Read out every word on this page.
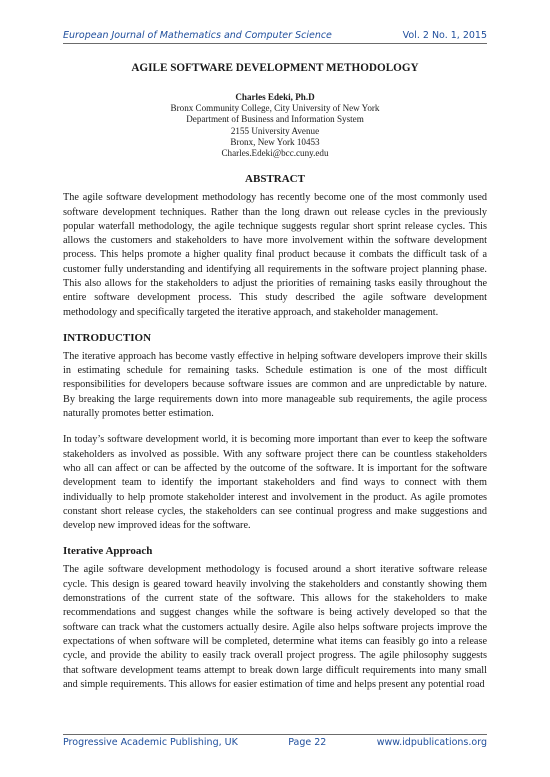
European Journal of Mathematics and Computer Science	Vol. 2 No. 1, 2015
AGILE SOFTWARE DEVELOPMENT METHODOLOGY
Charles Edeki, Ph.D
Bronx Community College, City University of New York
Department of Business and Information System
2155 University Avenue
Bronx, New York 10453
Charles.Edeki@bcc.cuny.edu
ABSTRACT

The agile software development methodology has recently become one of the most commonly used software development techniques. Rather than the long drawn out release cycles in the previously popular waterfall methodology, the agile technique suggests regular short sprint release cycles. This allows the customers and stakeholders to have more involvement within the software development process. This helps promote a higher quality final product because it combats the difficult task of a customer fully understanding and identifying all requirements in the software project planning phase. This also allows for the stakeholders to adjust the priorities of remaining tasks easily throughout the entire software development process. This study described the agile software development methodology and specifically targeted the iterative approach, and stakeholder management.

INTRODUCTION

The iterative approach has become vastly effective in helping software developers improve their skills in estimating schedule for remaining tasks. Schedule estimation is one of the most difficult responsibilities for developers because software issues are common and are unpredictable by nature. By breaking the large requirements down into more manageable sub requirements, the agile process naturally promotes better estimation.

In today’s software development world, it is becoming more important than ever to keep the software stakeholders as involved as possible. With any software project there can be countless stakeholders who all can affect or can be affected by the outcome of the software. It is important for the software development team to identify the important stakeholders and find ways to connect with them individually to help promote stakeholder interest and involvement in the product. As agile promotes constant short release cycles, the stakeholders can see continual progress and make suggestions and develop new improved ideas for the software.

Iterative Approach

The agile software development methodology is focused around a short iterative software release cycle. This design is geared toward heavily involving the stakeholders and constantly showing them demonstrations of the current state of the software. This allows for the stakeholders to make recommendations and suggest changes while the software is being actively developed so that the software can track what the customers actually desire. Agile also helps software projects improve the expectations of when software will be completed, determine what items can feasibly go into a release cycle, and provide the ability to easily track overall project progress. The agile philosophy suggests that software development teams attempt to break down large difficult requirements into many small and simple requirements. This allows for easier estimation of time and helps present any potential road

Progressive Academic Publishing, UK	Page 22	www.idpublications.org
